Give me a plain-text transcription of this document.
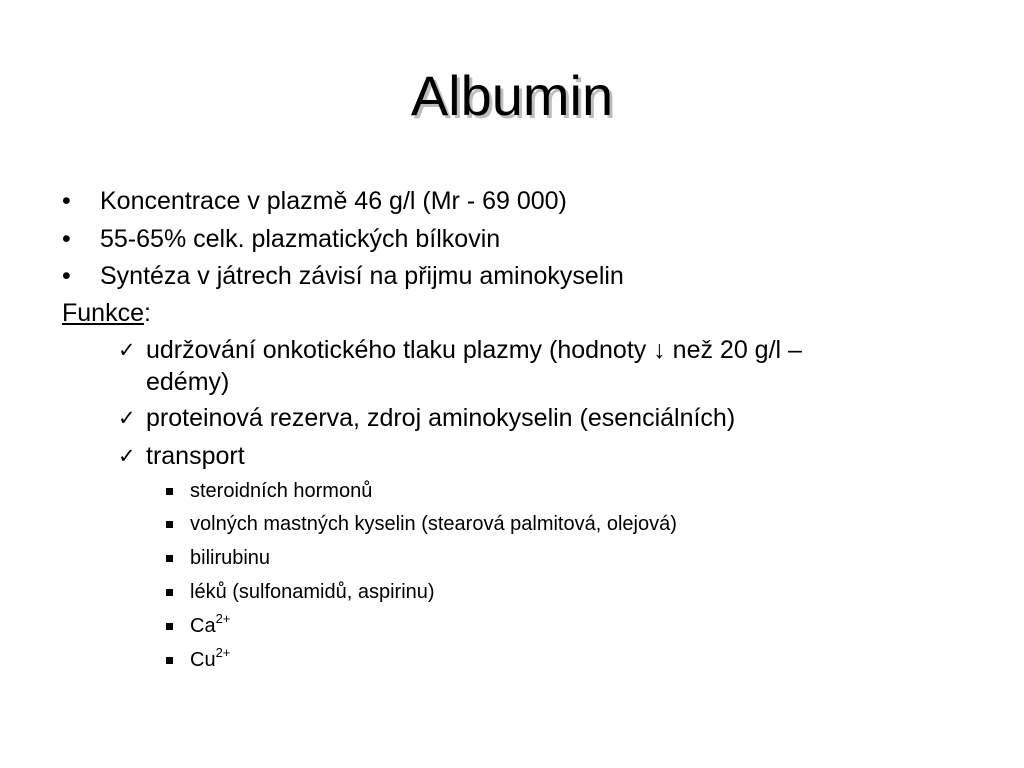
Albumin
• Koncentrace v plazmě 46 g/l (Mr - 69 000)
• 55-65% celk. plazmatických bílkovin
• Syntéza v játrech závisí na přijmu aminokyselin
Funkce:
✓ udržování onkotického tlaku plazmy (hodnoty ↓ než 20 g/l –
edémy)
✓ proteinová rezerva, zdroj aminokyselin (esenciálních)
✓ transport
steroidních hormonů
volných mastných kyselin (stearová palmitová, olejová)
bilirubinu
léků (sulfonamidů, aspirinu)
$Ca^{2+}$
$Cu^{2+}$
